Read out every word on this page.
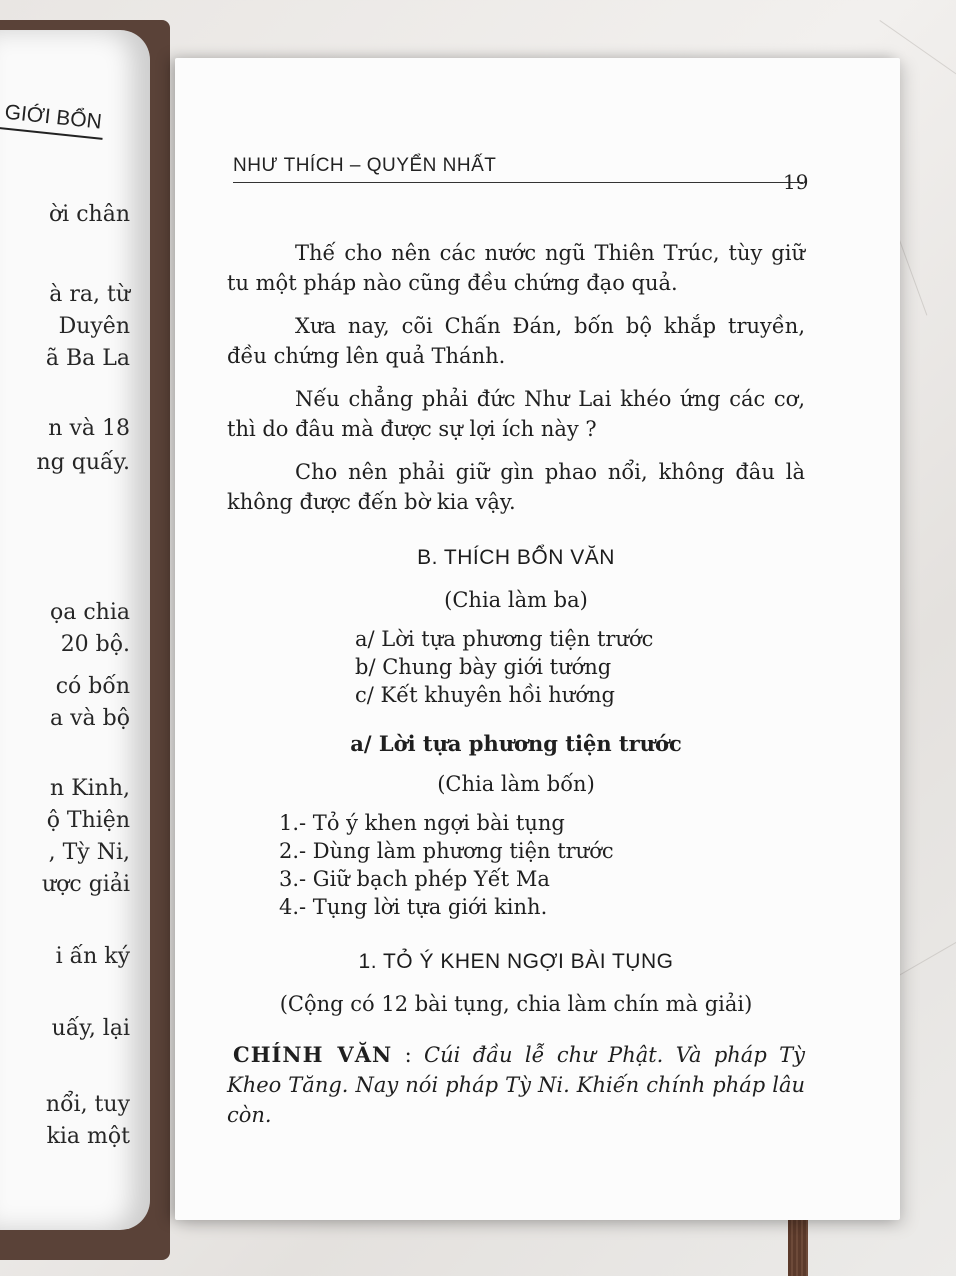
GIỚI BỔN
ời chân
à ra, từ
Duyên
ã Ba La
n và 18
ng quấy.
ọa chia
20 bộ.
có bốn
a và bộ
n Kinh,
ộ Thiện
, Tỳ Ni,
ược giải
i ấn ký
uấy, lại
nổi, tuy
kia một
NHƯ THÍCH – QUYỂN NHẤT
19

Thế cho nên các nước ngũ Thiên Trúc, tùy giữ tu một pháp nào cũng đều chứng đạo quả.

Xưa nay, cõi Chấn Đán, bốn bộ khắp truyền, đều chứng lên quả Thánh.

Nếu chẳng phải đức Như Lai khéo ứng các cơ, thì do đâu mà được sự lợi ích này ?

Cho nên phải giữ gìn phao nổi, không đâu là không được đến bờ kia vậy.

B. THÍCH BỔN VĂN
(Chia làm ba)
a/ Lời tựa phương tiện trước
b/ Chung bày giới tướng
c/ Kết khuyên hồi hướng
a/ Lời tựa phương tiện trước
(Chia làm bốn)
1.- Tỏ ý khen ngợi bài tụng
2.- Dùng làm phương tiện trước
3.- Giữ bạch phép Yết Ma
4.- Tụng lời tựa giới kinh.
1. TỎ Ý KHEN NGỢI BÀI TỤNG
(Cộng có 12 bài tụng, chia làm chín mà giải)

CHÍNH VĂN : Cúi đầu lễ chư Phật. Và pháp Tỳ Kheo Tăng. Nay nói pháp Tỳ Ni. Khiến chính pháp lâu còn.
